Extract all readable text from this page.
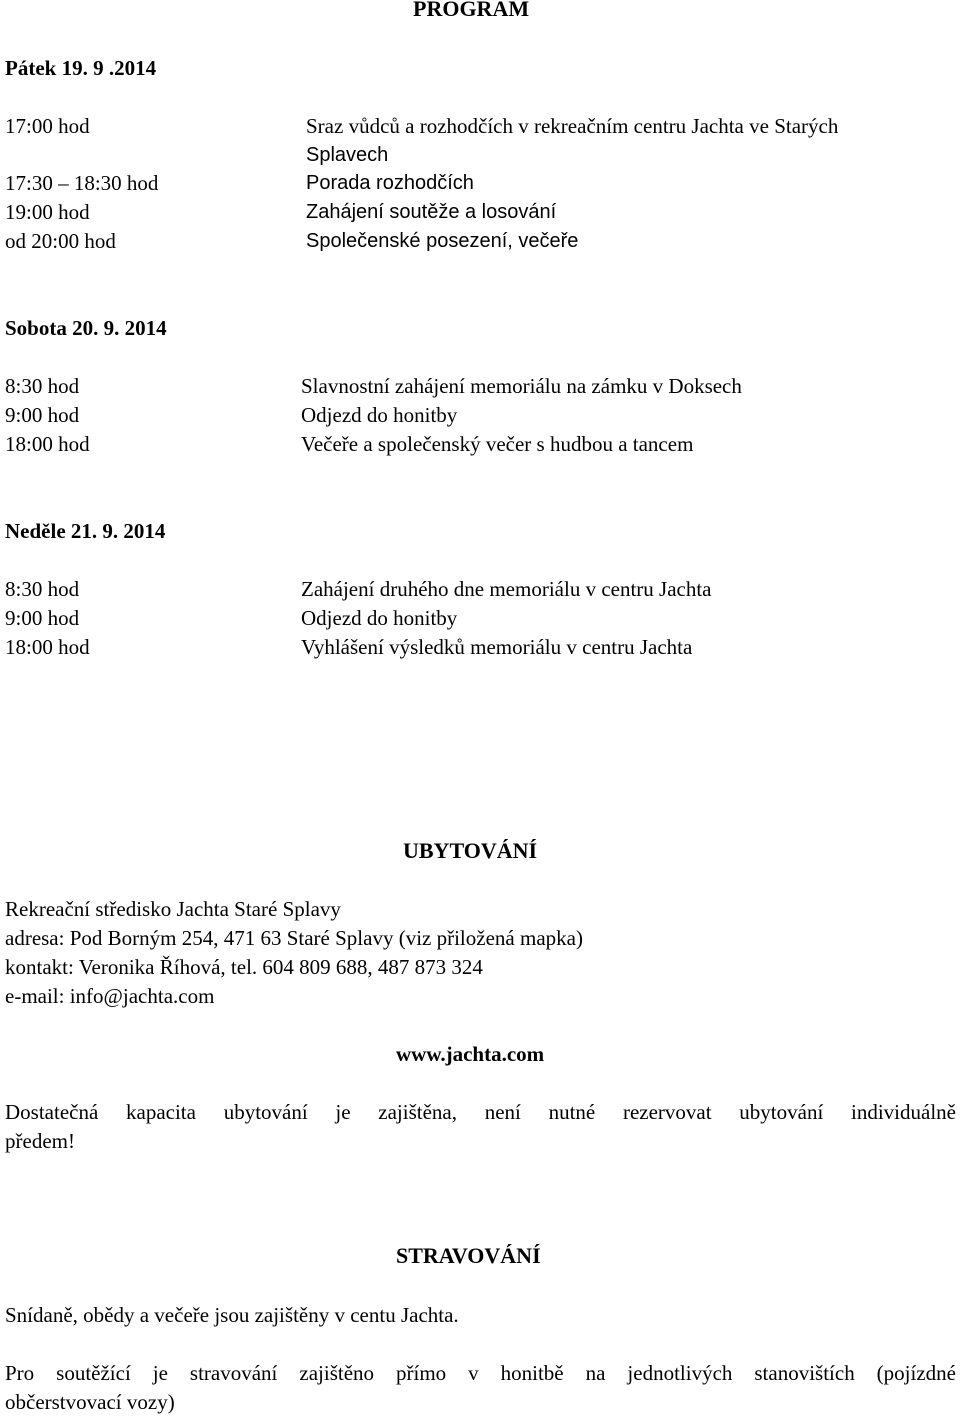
PROGRAM
Pátek 19. 9 .2014
17:00 hod	Sraz vůdců a rozhodčích v rekreačním centru Jachta ve Starých
Splavech
17:30 – 18:30 hod	Porada rozhodčích
19:00 hod	Zahájení soutěže a losování
od 20:00 hod	Společenské posezení, večeře
Sobota 20. 9. 2014
8:30 hod	Slavnostní zahájení memoriálu na zámku v Doksech
9:00 hod	Odjezd do honitby
18:00 hod	Večeře a společenský večer s hudbou a tancem
Neděle 21. 9. 2014
8:30 hod	Zahájení druhého dne memoriálu v centru Jachta
9:00 hod	Odjezd do honitby
18:00 hod	Vyhlášení výsledků memoriálu v centru Jachta
UBYTOVÁNÍ
Rekreační středisko Jachta Staré Splavy
adresa: Pod Borným 254, 471 63 Staré Splavy (viz přiložená mapka)
kontakt: Veronika Říhová, tel. 604 809 688, 487 873 324
e-mail: info@jachta.com
www.jachta.com
Dostatečná kapacita ubytování je zajištěna, není nutné rezervovat ubytování individuálně
předem!
STRAVOVÁNÍ
Snídaně, obědy a večeře jsou zajištěny v centu Jachta.
Pro soutěžící je stravování zajištěno přímo v honitbě na jednotlivých stanovištích (pojízdné
občerstvovací vozy)
